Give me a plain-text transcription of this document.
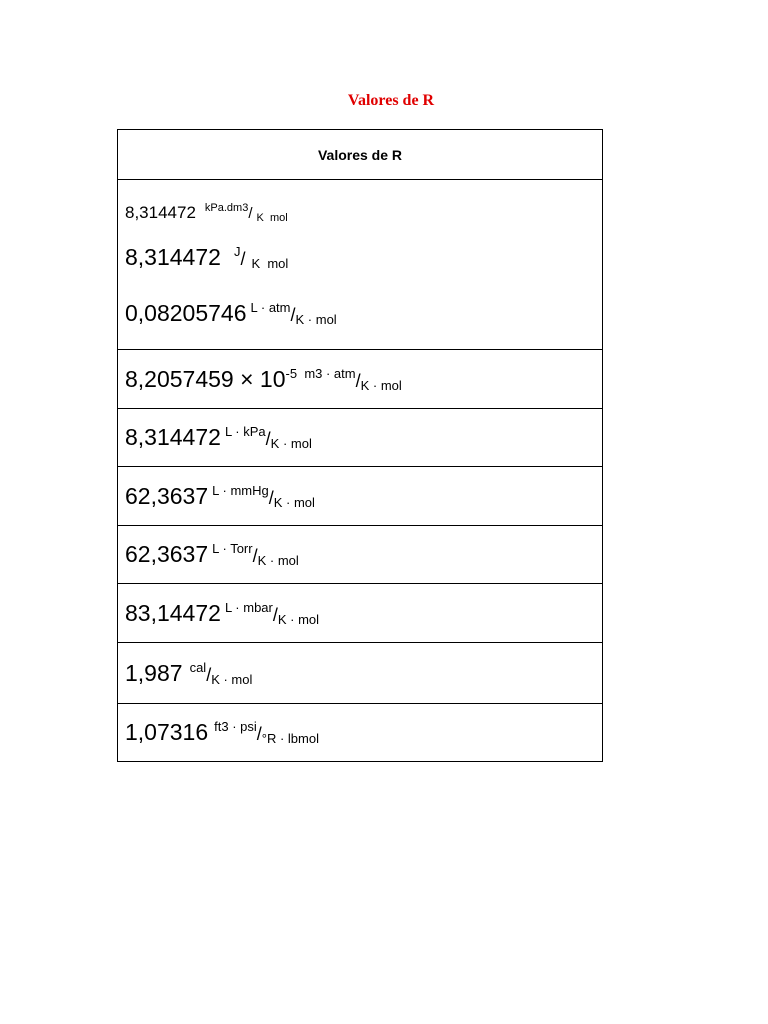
Valores de R
Valores de R

8,314472 $^{kPa.dm3}$/ K  mol
8,314472 $^J$/ K  mol
0,08205746 $^{L \cdot atm}$/K · mol

$8,2057459 \times 10^{-5 m3 \cdot atm}/K$ · mol

8,314472 $^{L \cdot kPa}$/K · mol

62,3637 $^{L \cdot mmHg}$/K · mol

62,3637 $^{L \cdot Torr}$/K · mol

83,14472 $^{L \cdot mbar}$/K · mol

1,987 $^{cal}$/K · mol

1,07316 $^{ft3 \cdot psi}$/°R · lbmol
